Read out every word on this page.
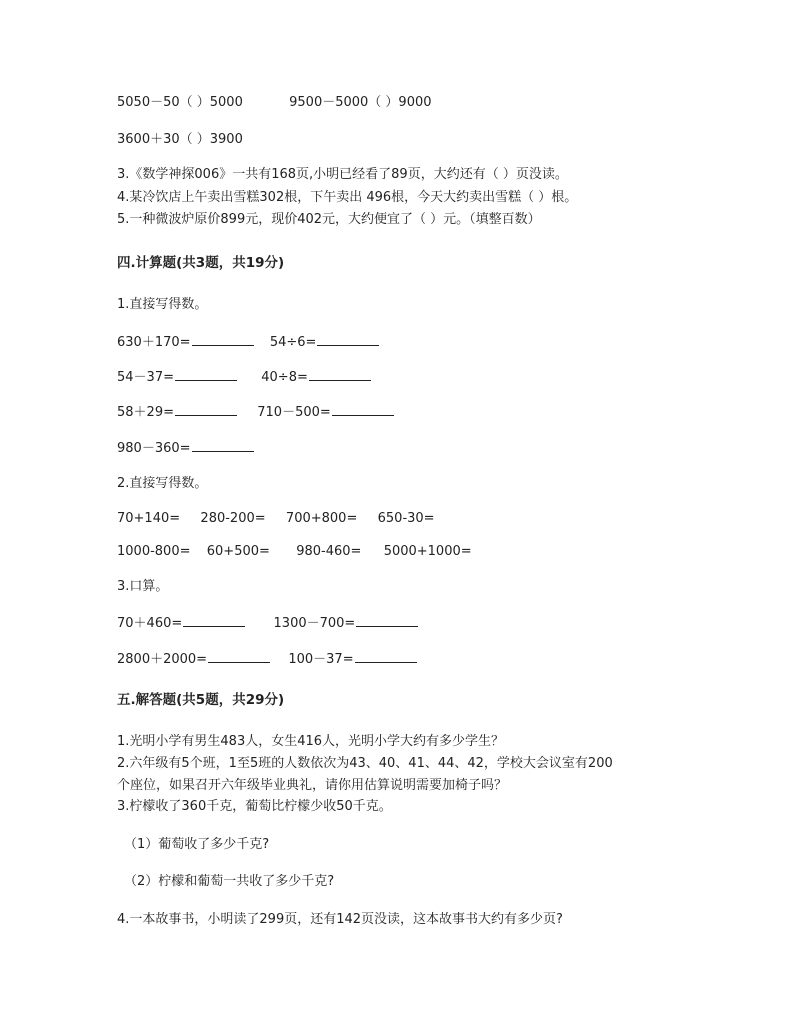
5050－50（ ）5000	9500－5000（ ）9000
3600＋30（ ）3900
3.《数学神探006》一共有168页,小明已经看了89页，大约还有（ ）页没读。
4.某冷饮店上午卖出雪糕302根，下午卖出 496根，今天大约卖出雪糕（ ）根。
5.一种微波炉原价899元，现价402元，大约便宜了（ ）元。（填整百数）
四.计算题(共3题，共19分)
1.直接写得数。
630＋170=	54÷6=
54－37=	40÷8=
58＋29=	710－500=
980－360=
2.直接写得数。
70+140= 280-200= 700+800= 650-30=
1000-800= 60+500= 980-460= 5000+1000=
3.口算。
70＋460=	1300－700=
2800＋2000=	100－37=
五.解答题(共5题，共29分)
1.光明小学有男生483人，女生416人，光明小学大约有多少学生？
2.六年级有5个班，1至5班的人数依次为43、40、41、44、42，学校大会议室有200
个座位，如果召开六年级毕业典礼，请你用估算说明需要加椅子吗？
3.柠檬收了360千克，葡萄比柠檬少收50千克。
（1）葡萄收了多少千克?
（2）柠檬和葡萄一共收了多少千克?
4.一本故事书，小明读了299页，还有142页没读，这本故事书大约有多少页?
